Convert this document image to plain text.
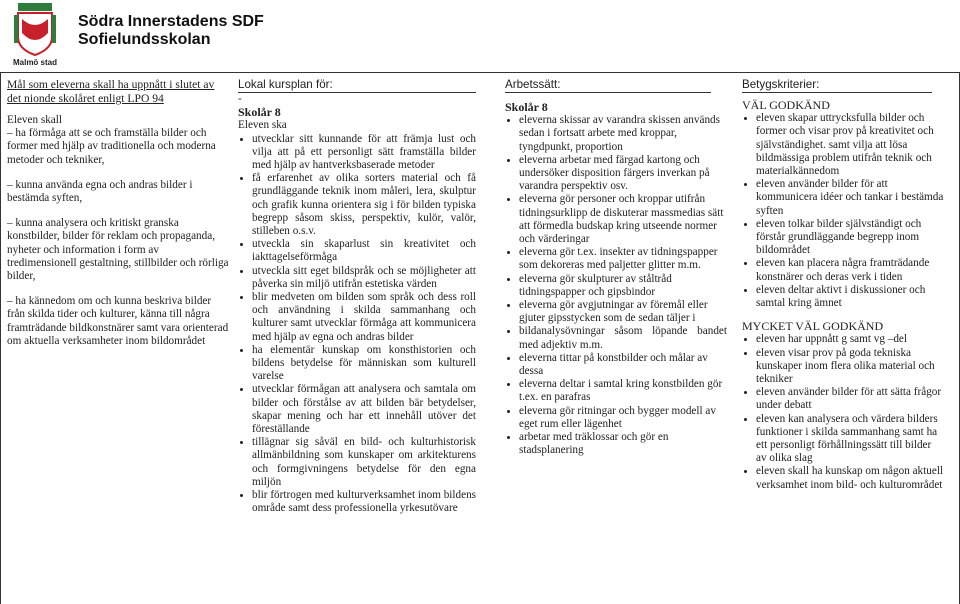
Malmö stad
Södra Innerstadens SDF
Sofielundsskolan
Mål som eleverna skall ha uppnått i slutet av det nionde skolåret enligt LPO 94
Eleven skall

– ha förmåga att se och framställa bilder och former med hjälp av traditionella och moderna metoder och tekniker,

– kunna använda egna och andras bilder i bestämda syften,

– kunna analysera och kritiskt granska konstbilder, bilder för reklam och propaganda, nyheter och information i form av tredimensionell gestaltning, stillbilder och rörliga bilder,

– ha kännedom om och kunna beskriva bilder från skilda tider och kulturer, känna till några framträdande bildkonstnärer samt vara orienterad om aktuella verksamheter inom bildområdet

Lokal kursplan för:
-
Skolår 8
Eleven ska
• utvecklar sitt kunnande för att främja lust och vilja att på ett personligt sätt framställa bilder med hjälp av hantverksbaserade metoder
• få erfarenhet av olika sorters material och få grundläggande teknik inom måleri, lera, skulptur och grafik kunna orientera sig i för bilden typiska begrepp såsom skiss, perspektiv, kulör, valör, stilleben o.s.v.
• utveckla sin skaparlust sin kreativitet och iakttagelseförmåga
• utveckla sitt eget bildspråk och se möjligheter att påverka sin miljö utifrån estetiska värden
• blir medveten om bilden som språk och dess roll och användning i skilda sammanhang och kulturer samt utvecklar förmåga att kommunicera med hjälp av egna och andras bilder
• ha elementär kunskap om konsthistorien och bildens betydelse för människan som kulturell varelse
• utvecklar förmågan att analysera och samtala om bilder och förstålse av att bilden bär betydelser, skapar mening och har ett innehåll utöver det föreställande
• tillägnar sig såväl en bild- och kulturhistorisk allmänbildning som kunskaper om arkitekturens och formgivningens betydelse för den egna miljön
• blir förtrogen med kulturverksamhet inom bildens område samt dess professionella yrkesutövare
Arbetssätt:
Skolår 8
• eleverna skissar av varandra skissen används sedan i fortsatt arbete med kroppar, tyngdpunkt, proportion
• eleverna arbetar med färgad kartong och undersöker disposition färgers inverkan på varandra perspektiv osv.
• eleverna gör personer och kroppar utifrån tidningsurklipp de diskuterar massmedias sätt att förmedla budskap kring utseende normer och värderingar
• eleverna gör t.ex. insekter av tidningspapper som dekoreras med paljetter glitter m.m.
• eleverna gör skulpturer av ståltråd tidningspapper och gipsbindor
• eleverna gör avgjutningar av föremål eller gjuter gipsstycken som de sedan täljer i
• bildanalysövningar såsom löpande bandet med adjektiv m.m.
• eleverna tittar på konstbilder och målar av dessa
• eleverna deltar i samtal kring konstbilden gör t.ex. en parafras
• eleverna gör ritningar och bygger modell av eget rum eller lägenhet
• arbetar med träklossar och gör en stadsplanering
Betygskriterier:
VÄL GODKÄND
• eleven skapar uttrycksfulla bilder och former och visar prov på kreativitet och självständighet. samt vilja att lösa bildmässiga problem utifrån teknik och materialkännedom
• eleven använder bilder för att kommunicera idéer och tankar i bestämda syften
• eleven tolkar bilder självständigt och förstår grundläggande begrepp inom bildområdet
• eleven kan placera några framträdande konstnärer och deras verk i tiden
• eleven deltar aktivt i diskussioner och samtal kring ämnet
MYCKET VÄL GODKÄND
• eleven har uppnått g samt vg –del
• eleven visar prov på goda tekniska kunskaper inom flera olika material och tekniker
• eleven använder bilder för att sätta frågor under debatt
• eleven kan analysera och värdera bilders funktioner i skilda sammanhang samt ha ett personligt förhållningssätt till bilder av olika slag
• eleven skall ha kunskap om någon aktuell verksamhet inom bild- och kulturområdet
